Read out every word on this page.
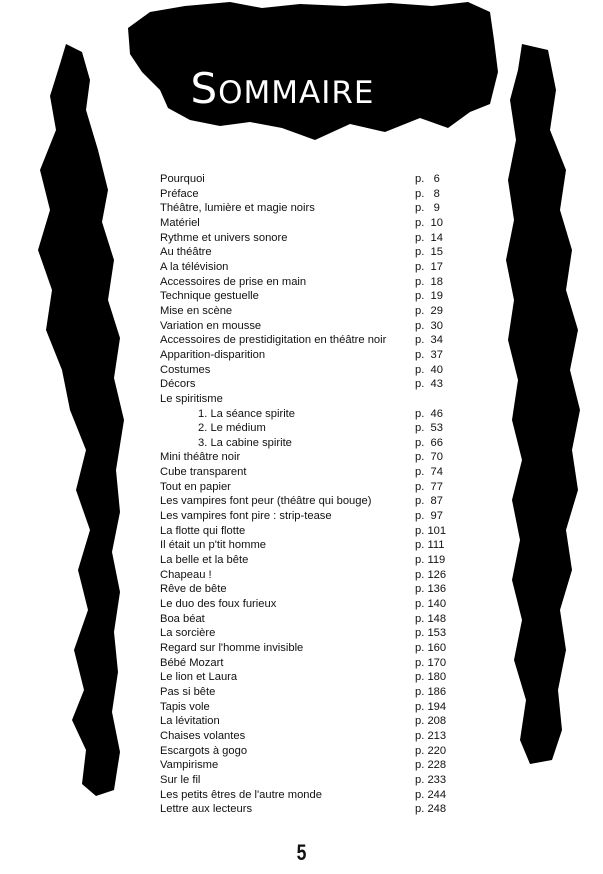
SOMMAIRE
Pourquoi	p.   6
Préface	p.   8
Théâtre, lumière et magie noirs	p.   9
Matériel	p.  10
Rythme et univers sonore	p.  14
Au théâtre	p.  15
A la télévision	p.  17
Accessoires de prise en main	p.  18
Technique gestuelle	p.  19
Mise en scène	p.  29
Variation en mousse	p.  30
Accessoires de prestidigitation en théâtre noir	p.  34
Apparition-disparition	p.  37
Costumes	p.  40
Décors	p.  43
Le spiritisme
1. La séance spirite	p.  46
2. Le médium	p.  53
3. La cabine spirite	p.  66
Mini théâtre noir	p.  70
Cube transparent	p.  74
Tout en papier	p.  77
Les vampires font peur (théâtre qui bouge)	p.  87
Les vampires font pire : strip-tease	p.  97
La flotte qui flotte	p. 101
Il était un p'tit homme	p. 111
La belle et la bête	p. 119
Chapeau !	p. 126
Rêve de bête	p. 136
Le duo des foux furieux	p. 140
Boa béat	p. 148
La sorcière	p. 153
Regard sur l'homme invisible	p. 160
Bébé Mozart	p. 170
Le lion et Laura	p. 180
Pas si bête	p. 186
Tapis vole	p. 194
La lévitation	p. 208
Chaises volantes	p. 213
Escargots à gogo	p. 220
Vampirisme	p. 228
Sur le fil	p. 233
Les petits êtres de l'autre monde	p. 244
Lettre aux lecteurs	p. 248
5
